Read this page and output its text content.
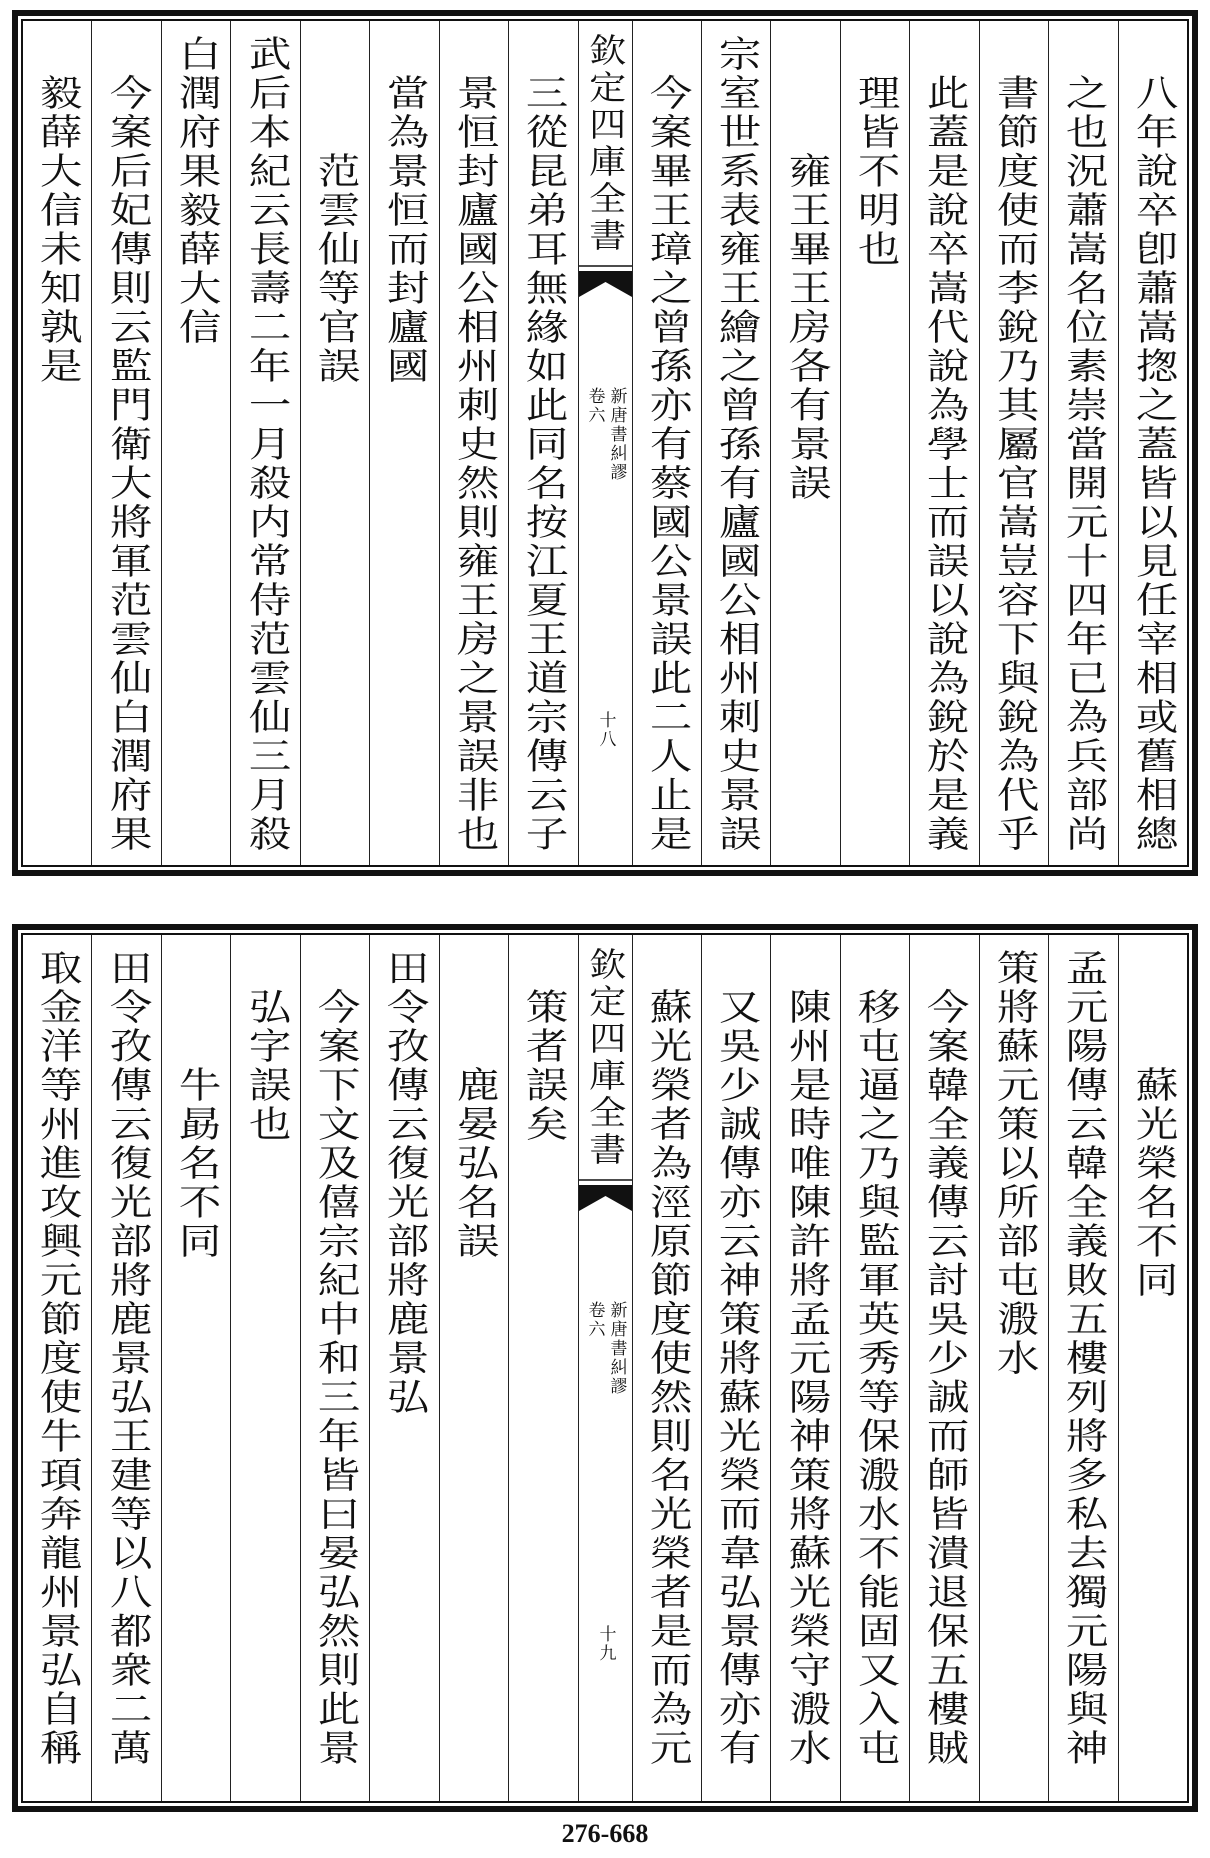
八年說卒卽蕭嵩揔之蓋皆以見任宰相或舊相總
之也況蕭嵩名位素崇當開元十四年已為兵部尚
書節度使而李銳乃其屬官嵩豈容下與銳為代乎
此蓋是說卒嵩代說為學士而誤以說為銳於是義
理皆不明也
雍王畢王房各有景誤
宗室世系表雍王繪之曾孫有廬國公相州刺史景誤
今案畢王璋之曾孫亦有蔡國公景誤此二人止是
欽定四庫全書
新唐書糾謬
卷六
十八
三從昆弟耳無緣如此同名按江夏王道宗傳云子
景恒封廬國公相州刺史然則雍王房之景誤非也
當為景恒而封廬國
范雲仙等官誤
武后本紀云長壽二年一月殺内常侍范雲仙三月殺
白潤府果毅薛大信
今案后妃傳則云監門衛大將軍范雲仙白潤府果
毅薛大信未知孰是
蘇光榮名不同
孟元陽傳云韓全義敗五樓列將多私去獨元陽與神
策將蘇元策以所部屯溵水
今案韓全義傳云討吳少誠而師皆潰退保五樓賊
移屯逼之乃與監軍英秀等保溵水不能固又入屯
陳州是時唯陳許將孟元陽神策將蘇光榮守溵水
又吳少誠傳亦云神策將蘇光榮而韋弘景傳亦有
蘇光榮者為涇原節度使然則名光榮者是而為元
欽定四庫全書
新唐書糾謬
卷六
十九
策者誤矣
鹿晏弘名誤
田令孜傳云復光部將鹿景弘
今案下文及僖宗紀中和三年皆曰晏弘然則此景
弘字誤也
牛勗名不同
田令孜傳云復光部將鹿景弘王建等以八都衆二萬
取金洋等州進攻興元節度使牛頊奔龍州景弘自稱
276-668
